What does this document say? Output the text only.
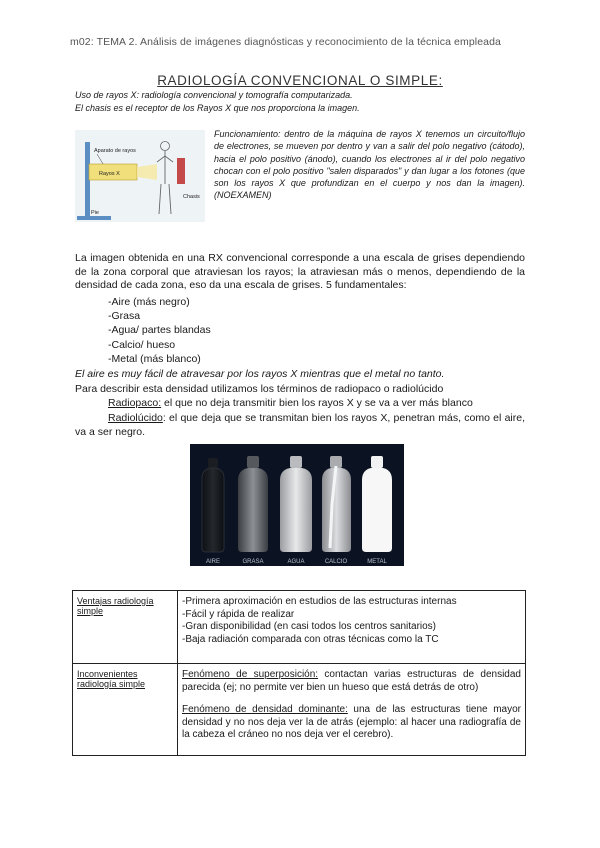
m02: TEMA 2. Análisis de imágenes diagnósticas y reconocimiento de la técnica empleada
RADIOLOGÍA CONVENCIONAL O SIMPLE:
Uso de rayos X: radiología convencional y tomografía computarizada.
El chasis es el receptor de los Rayos X que nos proporciona la imagen.
Aparato de rayos
Rayos X
Chasis
Pie
Funcionamiento: dentro de la máquina de rayos X tenemos un circuito/flujo de electrones, se mueven por dentro y van a salir del polo negativo (cátodo), hacia el polo positivo (ánodo), cuando los electrones al ir del polo negativo chocan con el polo positivo "salen disparados" y dan lugar a los fotones (que son los rayos X que profundizan en el cuerpo y nos dan la imagen). (NOEXAMEN)
La imagen obtenida en una RX convencional corresponde a una escala de grises dependiendo de la zona corporal que atraviesan los rayos; la atraviesan más o menos, dependiendo de la densidad de cada zona, eso da una escala de grises. 5 fundamentales:
-Aire (más negro)
-Grasa
-Agua/ partes blandas
-Calcio/ hueso
-Metal (más blanco)
El aire es muy fácil de atravesar por los rayos X mientras que el metal no tanto.
Para describir esta densidad utilizamos los términos de radiopaco o radiolúcido
Radiopaco: el que no deja transmitir bien los rayos X y se va a ver más blanco
Radiolúcido: el que deja que se transmitan bien los rayos X, penetran más, como el aire, va a ser negro.
AIRE	GRASA	AGUA	CALCIO	METAL
Ventajas radiología simple	-Primera aproximación en estudios de las estructuras internas
-Fácil y rápida de realizar
-Gran disponibilidad (en casi todos los centros sanitarios)
-Baja radiación comparada con otras técnicas como la TC

Inconvenientes radiología simple	Fenómeno de superposición: contactan varias estructuras de densidad parecida (ej; no permite ver bien un hueso que está detrás de otro)

Fenómeno de densidad dominante: una de las estructuras tiene mayor densidad y no nos deja ver la de atrás (ejemplo: al hacer una radiografía de la cabeza el cráneo no nos deja ver el cerebro).
